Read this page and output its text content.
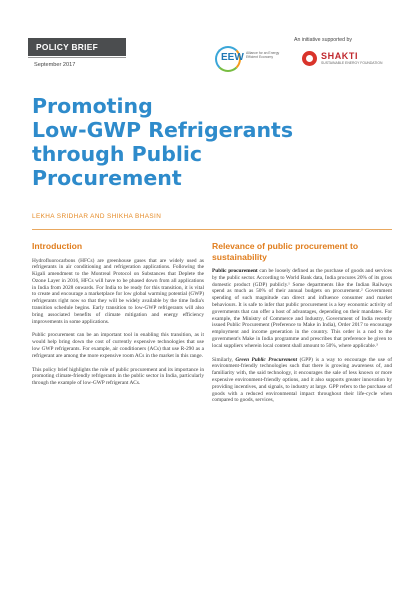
POLICY BRIEF
September 2017
An initiative supported by
EEW Alliance for an Energy Efficient Economy	SHAKTI
SUSTAINABLE ENERGY FOUNDATION
Promoting
Low-GWP Refrigerants
through Public
Procurement
LEKHA SRIDHAR AND SHIKHA BHASIN
Introduction

Hydrofluorocarbons (HFCs) are greenhouse gases that are widely used as refrigerants in air conditioning and refrigeration applications. Following the Kigali amendment to the Montreal Protocol on Substances that Deplete the Ozone Layer in 2016, HFCs will have to be phased down from all applications in India from 2028 onwards. For India to be ready for this transition, it is vital to create and encourage a marketplace for low global warming potential (GWP) refrigerants right now so that they will be widely available by the time India's transition schedule begins. Early transition to low-GWP refrigerants will also bring associated benefits of climate mitigation and energy efficiency improvements in some applications.

Public procurement can be an important tool in enabling this transition, as it would help bring down the cost of currently expensive technologies that use low GWP refrigerants. For example, air conditioners (ACs) that use R-290 as a refrigerant are among the more expensive room ACs in the market in this range.

This policy brief highlights the role of public procurement and its importance in promoting climate-friendly refrigerants in the public sector in India, particularly through the example of low-GWP refrigerant ACs.

Relevance of public procurement to sustainability

Public procurement can be loosely defined as the purchase of goods and services by the public sector. According to World Bank data, India procures 20% of its gross domestic product (GDP) publicly.¹ Some departments like the Indian Railways spend as much as 50% of their annual budgets on procurement.² Government spending of such magnitude can direct and influence consumer and market behaviours. It is safe to infer that public procurement is a key economic activity of governments that can offer a host of advantages, depending on their mandates. For example, the Ministry of Commerce and Industry, Government of India recently issued Public Procurement (Preference to Make in India), Order 2017 to encourage employment and income generation in the country. This order is a nod to the government's Make in India programme and prescribes that preference be given to local suppliers wherein local content shall amount to 50%, where applicable.³

Similarly, Green Public Procurement (GPP) is a way to encourage the use of environment-friendly technologies such that there is growing awareness of, and familiarity with, the said technology, it encourages the sale of less known or more expensive environment-friendly options, and it also supports greater innovation by providing incentives, and signals, to industry at large. GPP refers to the purchase of goods with a reduced environmental impact throughout their life-cycle when compared to goods, services,
